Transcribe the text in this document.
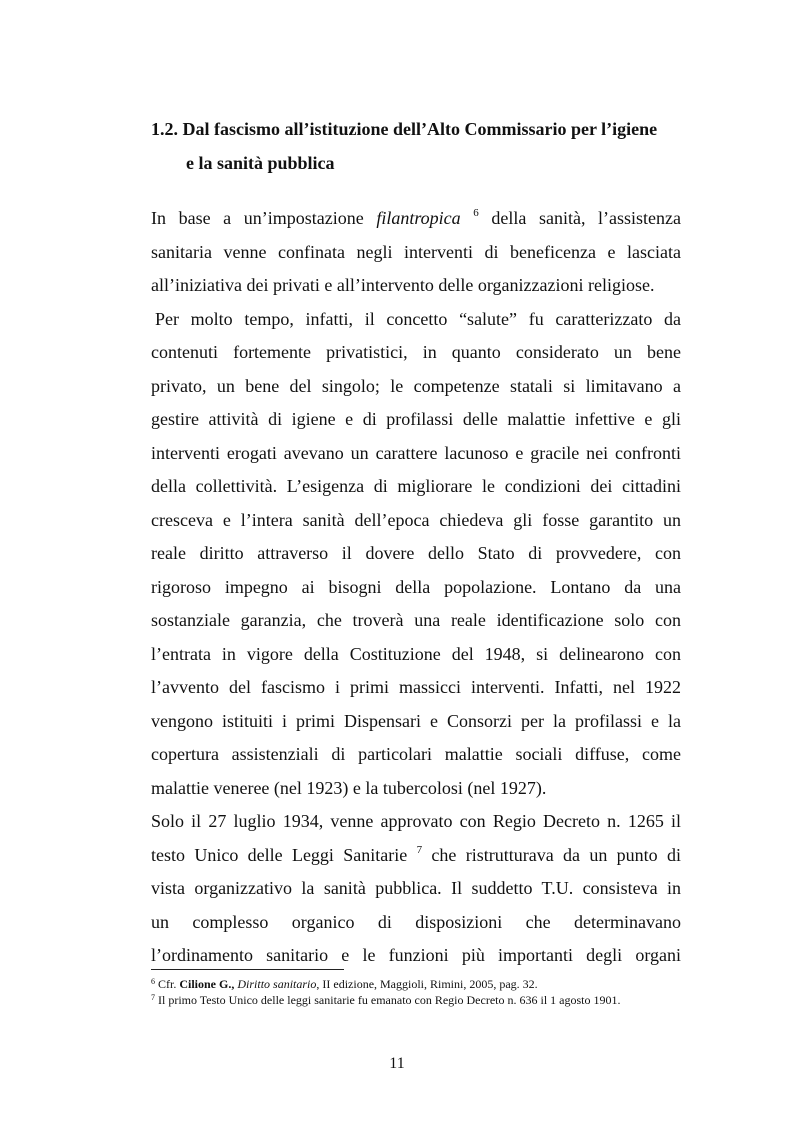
1.2. Dal fascismo all’istituzione dell’Alto Commissario per l’igiene
e la sanità pubblica
In base a un’impostazione filantropica $^6$ della sanità, l’assistenza
sanitaria venne confinata negli interventi di beneficenza e lasciata
all’iniziativa dei privati e all’intervento delle organizzazioni religiose.
Per molto tempo, infatti, il concetto “salute” fu caratterizzato da
contenuti fortemente privatistici, in quanto considerato un bene
privato, un bene del singolo; le competenze statali si limitavano a
gestire attività di igiene e di profilassi delle malattie infettive e gli
interventi erogati avevano un carattere lacunoso e gracile nei confronti
della collettività. L’esigenza di migliorare le condizioni dei cittadini
cresceva e l’intera sanità dell’epoca chiedeva gli fosse garantito un
reale diritto attraverso il dovere dello Stato di provvedere, con
rigoroso impegno ai bisogni della popolazione. Lontano da una
sostanziale garanzia, che troverà una reale identificazione solo con
l’entrata in vigore della Costituzione del 1948, si delinearono con
l’avvento del fascismo i primi massicci interventi. Infatti, nel 1922
vengono istituiti i primi Dispensari e Consorzi per la profilassi e la
copertura assistenziali di particolari malattie sociali diffuse, come
malattie veneree (nel 1923) e la tubercolosi (nel 1927).
Solo il 27 luglio 1934, venne approvato con Regio Decreto n. 1265 il
testo Unico delle Leggi Sanitarie $^7$ che ristrutturava da un punto di
vista organizzativo la sanità pubblica. Il suddetto T.U. consisteva in
un complesso organico di disposizioni che determinavano
l’ordinamento sanitario e le funzioni più importanti degli organi
$^6$ Cfr. Cilione G., Diritto sanitario, II edizione, Maggioli, Rimini, 2005, pag. 32.
$^7$ Il primo Testo Unico delle leggi sanitarie fu emanato con Regio Decreto n. 636 il 1 agosto 1901.
11
